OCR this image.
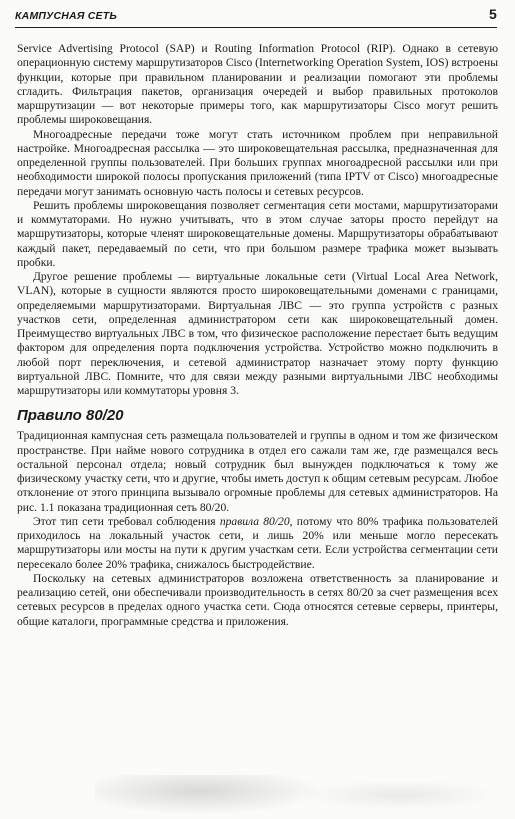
КАМПУСНАЯ СЕТЬ	5

Service Advertising Protocol (SAP) и Routing Information Protocol (RIP). Однако в сетевую операционную систему маршрутизаторов Cisco (Internetworking Operation System, IOS) встроены функции, которые при правильном планировании и реализации помогают эти проблемы сгладить. Фильтрация пакетов, организация очередей и выбор правильных протоколов маршрутизации — вот некоторые примеры того, как маршрутизаторы Cisco могут решить проблемы широковещания.

Многоадресные передачи тоже могут стать источником проблем при неправильной настройке. Многоадресная рассылка — это широковещательная рассылка, предназначенная для определенной группы пользователей. При больших группах многоадресной рассылки или при необходимости широкой полосы пропускания приложений (типа IPTV от Cisco) многоадресные передачи могут занимать основную часть полосы и сетевых ресурсов.

Решить проблемы широковещания позволяет сегментация сети мостами, маршрутизаторами и коммутаторами. Но нужно учитывать, что в этом случае заторы просто перейдут на маршрутизаторы, которые членят широковещательные домены. Маршрутизаторы обрабатывают каждый пакет, передаваемый по сети, что при большом размере трафика может вызывать пробки.

Другое решение проблемы — виртуальные локальные сети (Virtual Local Area Network, VLAN), которые в сущности являются просто широковещательными доменами с границами, определяемыми маршрутизаторами. Виртуальная ЛВС — это группа устройств с разных участков сети, определенная администратором сети как широковещательный домен. Преимущество виртуальных ЛВС в том, что физическое расположение перестает быть ведущим фактором для определения порта подключения устройства. Устройство можно подключить в любой порт переключения, и сетевой администратор назначает этому порту функцию виртуальной ЛВС. Помните, что для связи между разными виртуальными ЛВС необходимы маршрутизаторы или коммутаторы уровня 3.

Правило 80/20

Традиционная кампусная сеть размещала пользователей и группы в одном и том же физическом пространстве. При найме нового сотрудника в отдел его сажали там же, где размещался весь остальной персонал отдела; новый сотрудник был вынужден подключаться к тому же физическому участку сети, что и другие, чтобы иметь доступ к общим сетевым ресурсам. Любое отклонение от этого принципа вызывало огромные проблемы для сетевых администраторов. На рис. 1.1 показана традиционная сеть 80/20.

Этот тип сети требовал соблюдения правила 80/20, потому что 80% трафика пользователей приходилось на локальный участок сети, и лишь 20% или меньше могло пересекать маршрутизаторы или мосты на пути к другим участкам сети. Если устройства сегментации сети пересекало более 20% трафика, снижалось быстродействие.

Поскольку на сетевых администраторов возложена ответственность за планирование и реализацию сетей, они обеспечивали производительность в сетях 80/20 за счет размещения всех сетевых ресурсов в пределах одного участка сети. Сюда относятся сетевые серверы, принтеры, общие каталоги, программные средства и приложения.
